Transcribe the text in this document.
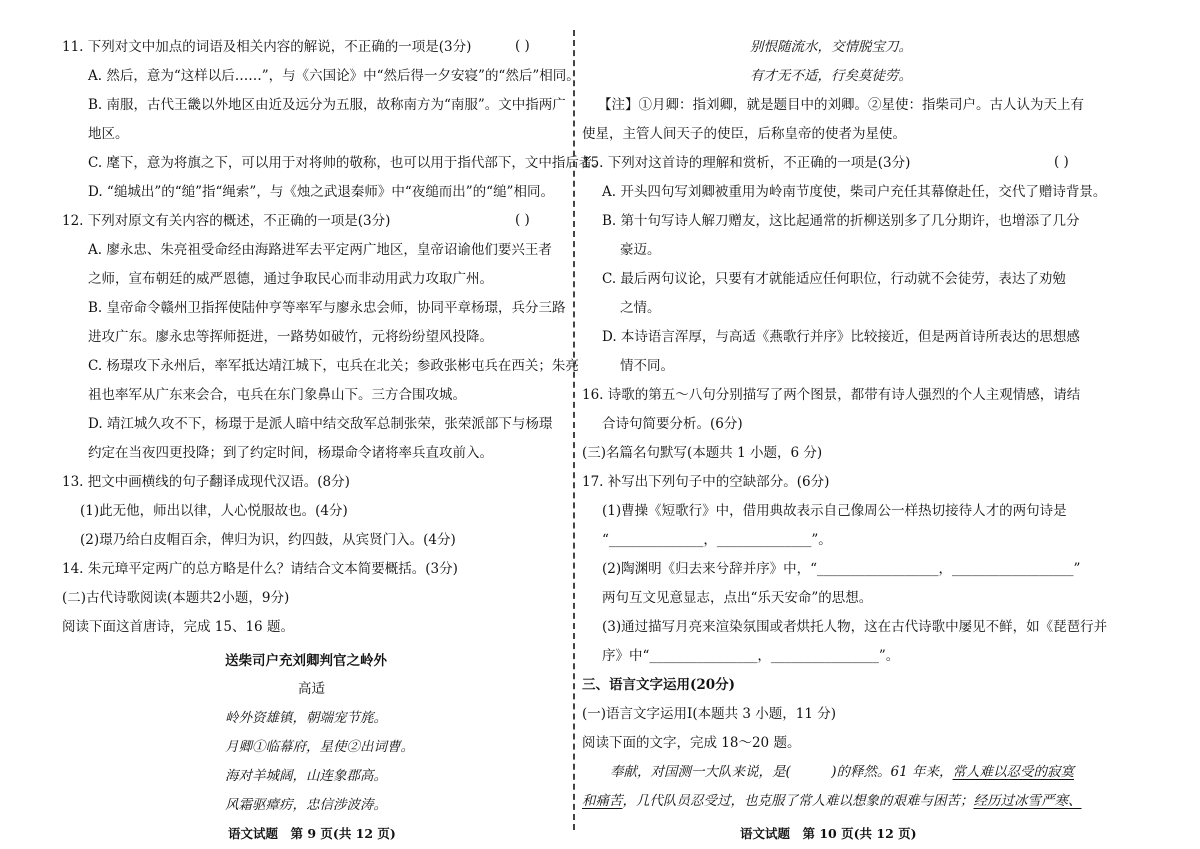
11. 下列对文中加点的词语及相关内容的解说，不正确的一项是(3分)	( )
A. 然后，意为“这样以后……”，与《六国论》中“然后得一夕安寝”的“然后”相同。
B. 南服，古代王畿以外地区由近及远分为五服，故称南方为“南服”。文中指两广
地区。
C. 麾下，意为将旗之下，可以用于对将帅的敬称，也可以用于指代部下，文中指后者。
D. “缒城出”的“缒”指“绳索”，与《烛之武退秦师》中“夜缒而出”的“缒”相同。
12. 下列对原文有关内容的概述，不正确的一项是(3分)	( )
A. 廖永忠、朱亮祖受命经由海路进军去平定两广地区，皇帝诏谕他们要兴王者
之师，宣布朝廷的威严恩德，通过争取民心而非动用武力攻取广州。
B. 皇帝命令赣州卫指挥使陆仲亨等率军与廖永忠会师，协同平章杨璟，兵分三路
进攻广东。廖永忠等挥师挺进，一路势如破竹，元将纷纷望风投降。
C. 杨璟攻下永州后，率军抵达靖江城下，屯兵在北关；参政张彬屯兵在西关；朱亮
祖也率军从广东来会合，屯兵在东门象鼻山下。三方合围攻城。
D. 靖江城久攻不下，杨璟于是派人暗中结交敌军总制张荣，张荣派部下与杨璟
约定在当夜四更投降；到了约定时间，杨璟命令诸将率兵直攻前入。
13. 把文中画横线的句子翻译成现代汉语。(8分)
(1)此无他，师出以律，人心悦服故也。(4分)
(2)璟乃给白皮帽百余，俾归为识，约四鼓，从宾贤门入。(4分)
14. 朱元璋平定两广的总方略是什么？请结合文本简要概括。(3分)
(二)古代诗歌阅读(本题共2小题，9分)
阅读下面这首唐诗，完成 15、16 题。
送柴司户充刘卿判官之岭外
高适
岭外资雄镇，朝端宠节旄。
月卿①临幕府，星使②出词曹。
海对羊城阔，山连象郡高。
风霜驱瘴疠，忠信涉波涛。
语文试题　第 9 页(共 12 页)
别恨随流水，交情脱宝刀。
有才无不适，行矣莫徒劳。
【注】①月卿：指刘卿，就是题目中的刘卿。②星使：指柴司户。古人认为天上有
使星，主管人间天子的使臣，后称皇帝的使者为星使。
15. 下列对这首诗的理解和赏析，不正确的一项是(3分)	( )
A. 开头四句写刘卿被重用为岭南节度使，柴司户充任其幕僚赴任，交代了赠诗背景。
B. 第十句写诗人解刀赠友，这比起通常的折柳送别多了几分期许，也增添了几分
豪迈。
C. 最后两句议论，只要有才就能适应任何职位，行动就不会徒劳，表达了劝勉
之情。
D. 本诗语言浑厚，与高适《燕歌行并序》比较接近，但是两首诗所表达的思想感
情不同。
16. 诗歌的第五～八句分别描写了两个图景，都带有诗人强烈的个人主观情感，请结
合诗句简要分析。(6分)
(三)名篇名句默写(本题共 1 小题，6 分)
17. 补写出下列句子中的空缺部分。(6分)
(1)曹操《短歌行》中，借用典故表示自己像周公一样热切接待人才的两句诗是
“______________，______________”。
(2)陶渊明《归去来兮辞并序》中，“__________________，__________________”
两句互文见意显志，点出“乐天安命”的思想。
(3)通过描写月亮来渲染氛围或者烘托人物，这在古代诗歌中屡见不鲜，如《琵琶行并
序》中“________________，________________”。
三、语言文字运用(20分)
(一)语言文字运用Ⅰ(本题共 3 小题，11 分)
阅读下面的文字，完成 18～20 题。
奉献，对国测一大队来说，是(　　　)的释然。61 年来，常人难以忍受的寂寞
和痛苦，几代队员忍受过，也克服了常人难以想象的艰难与困苦；经历过冰雪严寒、
语文试题　第 10 页(共 12 页)
